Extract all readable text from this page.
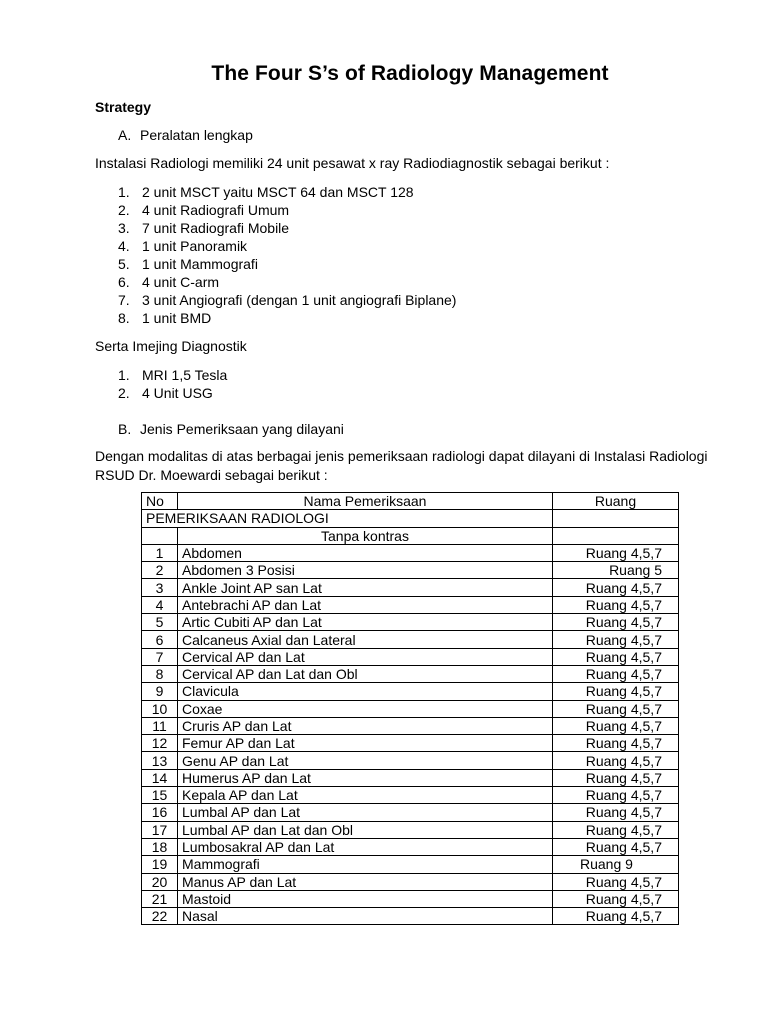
The Four S’s of Radiology Management
Strategy
A. Peralatan lengkap
Instalasi Radiologi memiliki 24 unit pesawat x ray Radiodiagnostik sebagai berikut :
1. 2 unit MSCT yaitu MSCT 64 dan MSCT 128
2. 4 unit Radiografi Umum
3. 7 unit Radiografi Mobile
4. 1 unit Panoramik
5. 1 unit Mammografi
6. 4 unit C-arm
7. 3 unit Angiografi (dengan 1 unit angiografi Biplane)
8. 1 unit BMD
Serta Imejing Diagnostik
1. MRI 1,5 Tesla
2. 4 Unit USG
B. Jenis Pemeriksaan yang dilayani
Dengan modalitas di atas berbagai jenis pemeriksaan radiologi dapat dilayani di Instalasi Radiologi RSUD Dr. Moewardi sebagai berikut :
No	Nama Pemeriksaan	Ruang
PEMERIKSAAN RADIOLOGI		
	Tanpa kontras	
1	Abdomen	Ruang 4,5,7
2	Abdomen 3 Posisi	Ruang 5
3	Ankle Joint AP san Lat	Ruang 4,5,7
4	Antebrachi AP dan Lat	Ruang 4,5,7
5	Artic Cubiti AP dan Lat	Ruang 4,5,7
6	Calcaneus Axial dan Lateral	Ruang 4,5,7
7	Cervical AP dan Lat	Ruang 4,5,7
8	Cervical AP dan Lat dan Obl	Ruang 4,5,7
9	Clavicula	Ruang 4,5,7
10	Coxae	Ruang 4,5,7
11	Cruris AP dan Lat	Ruang 4,5,7
12	Femur AP dan Lat	Ruang 4,5,7
13	Genu AP dan Lat	Ruang 4,5,7
14	Humerus AP dan Lat	Ruang 4,5,7
15	Kepala AP dan Lat	Ruang 4,5,7
16	Lumbal AP dan Lat	Ruang 4,5,7
17	Lumbal AP dan Lat dan Obl	Ruang 4,5,7
18	Lumbosakral AP dan Lat	Ruang 4,5,7
19	Mammografi	Ruang 9
20	Manus AP dan Lat	Ruang 4,5,7
21	Mastoid	Ruang 4,5,7
22	Nasal	Ruang 4,5,7
